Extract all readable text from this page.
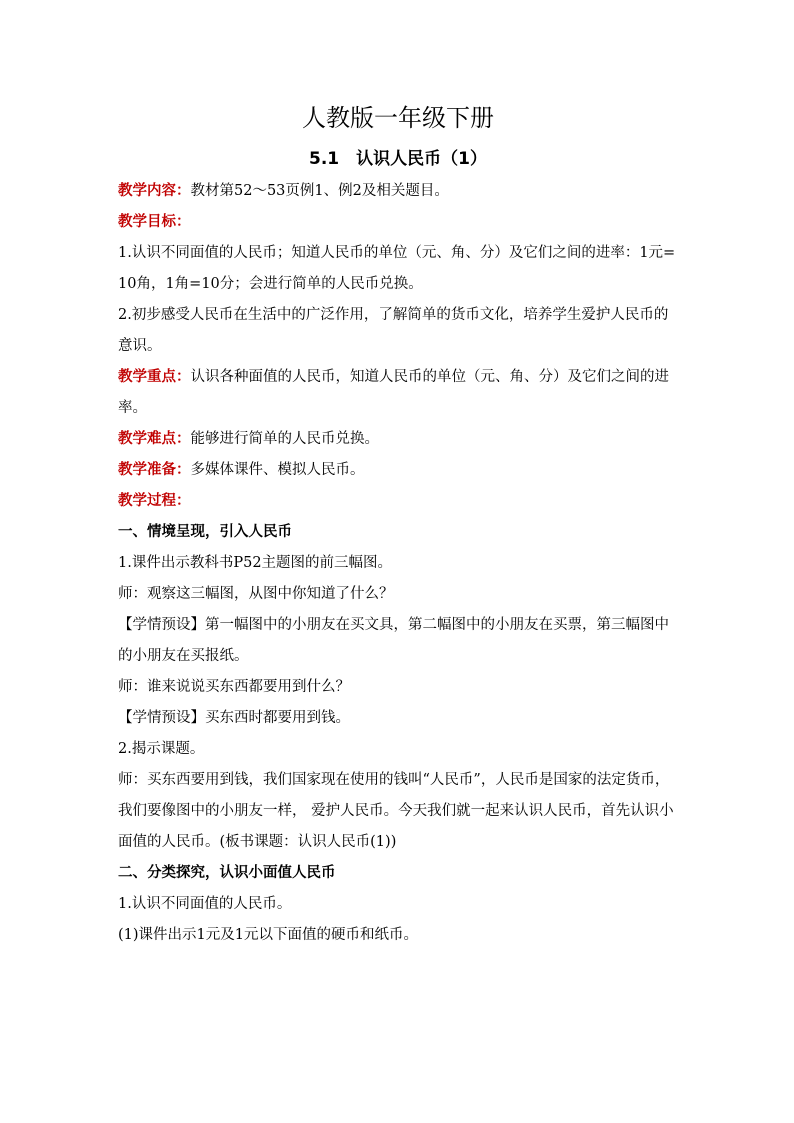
人教版一年级下册
5.1　认识人民币（1）

教学内容：教材第52～53页例1、例2及相关题目。

教学目标：

1.认识不同面值的人民币；知道人民币的单位（元、角、分）及它们之间的进率：1元=10角，1角=10分；会进行简单的人民币兑换。

2.初步感受人民币在生活中的广泛作用，了解简单的货币文化，培养学生爱护人民币的意识。

教学重点：认识各种面值的人民币，知道人民币的单位（元、角、分）及它们之间的进率。

教学难点：能够进行简单的人民币兑换。

教学准备：多媒体课件、模拟人民币。

教学过程：

一、情境呈现，引入人民币

1.课件出示教科书P52主题图的前三幅图。

师：观察这三幅图，从图中你知道了什么？

【学情预设】第一幅图中的小朋友在买文具，第二幅图中的小朋友在买票，第三幅图中的小朋友在买报纸。

师：谁来说说买东西都要用到什么？

【学情预设】买东西时都要用到钱。

2.揭示课题。

师：买东西要用到钱，我们国家现在使用的钱叫“人民币”，人民币是国家的法定货币，我们要像图中的小朋友一样， 爱护人民币。今天我们就一起来认识人民币，首先认识小面值的人民币。(板书课题：认识人民币(1))

二、分类探究，认识小面值人民币

1.认识不同面值的人民币。

(1)课件出示1元及1元以下面值的硬币和纸币。
